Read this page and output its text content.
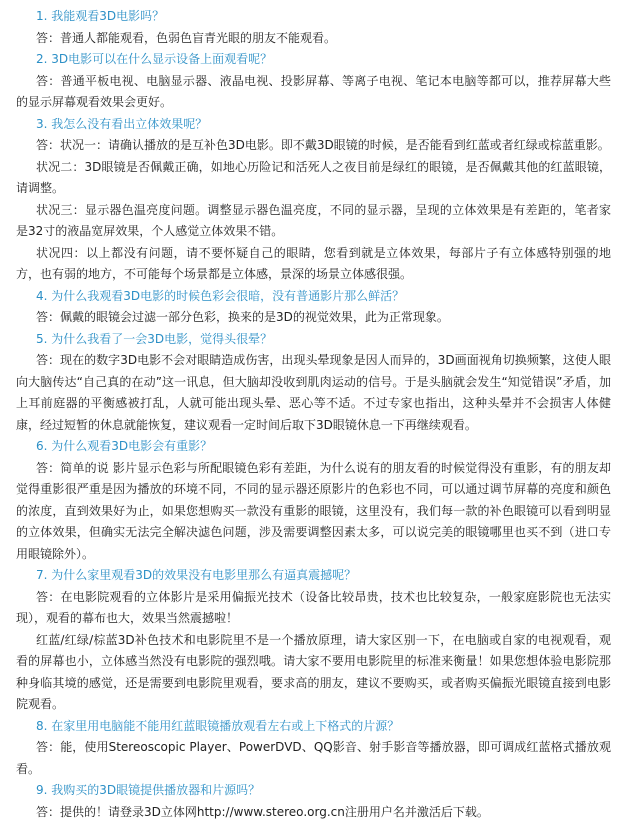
1. 我能观看3D电影吗？

答：普通人都能观看，色弱色盲青光眼的朋友不能观看。

2. 3D电影可以在什么显示设备上面观看呢？

答：普通平板电视、电脑显示器、液晶电视、投影屏幕、等离子电视、笔记本电脑等都可以，推荐屏幕大些的显示屏幕观看效果会更好。

3. 我怎么没有看出立体效果呢？

答：状况一：请确认播放的是互补色3D电影。即不戴3D眼镜的时候，是否能看到红蓝或者红绿或棕蓝重影。

状况二：3D眼镜是否佩戴正确，如地心历险记和活死人之夜目前是绿红的眼镜，是否佩戴其他的红蓝眼镜，请调整。

状况三：显示器色温亮度问题。调整显示器色温亮度，不同的显示器，呈现的立体效果是有差距的，笔者家是32寸的液晶宽屏效果，个人感觉立体效果不错。

状况四：以上都没有问题，请不要怀疑自己的眼睛，您看到就是立体效果，每部片子有立体感特别强的地方，也有弱的地方，不可能每个场景都是立体感，景深的场景立体感很强。

4. 为什么我观看3D电影的时候色彩会很暗，没有普通影片那么鲜活？

答：佩戴的眼镜会过滤一部分色彩，换来的是3D的视觉效果，此为正常现象。

5. 为什么我看了一会3D电影，觉得头很晕？

答：现在的数字3D电影不会对眼睛造成伤害，出现头晕现象是因人而异的，3D画面视角切换频繁，这使人眼向大脑传达“自己真的在动”这一讯息，但大脑却没收到肌肉运动的信号。于是头脑就会发生“知觉错误”矛盾，加上耳前庭器的平衡感被打乱，人就可能出现头晕、恶心等不适。不过专家也指出，这种头晕并不会损害人体健康，经过短暂的休息就能恢复，建议观看一定时间后取下3D眼镜休息一下再继续观看。

6. 为什么观看3D电影会有重影？

答：简单的说 影片显示色彩与所配眼镜色彩有差距，为什么说有的朋友看的时候觉得没有重影，有的朋友却觉得重影很严重是因为播放的环境不同，不同的显示器还原影片的色彩也不同，可以通过调节屏幕的亮度和颜色的浓度，直到效果好为止，如果您想购买一款没有重影的眼镜，这里没有，我们每一款的补色眼镜可以看到明显的立体效果，但确实无法完全解决滤色问题，涉及需要调整因素太多，可以说完美的眼镜哪里也买不到（进口专用眼镜除外）。

7. 为什么家里观看3D的效果没有电影里那么有逼真震撼呢？

答：在电影院观看的立体影片是采用偏振光技术（设备比较昂贵，技术也比较复杂，一般家庭影院也无法实现），观看的幕布也大，效果当然震撼啦！

红蓝/红绿/棕蓝3D补色技术和电影院里不是一个播放原理，请大家区别一下，在电脑或自家的电视观看，观看的屏幕也小，立体感当然没有电影院的强烈哦。请大家不要用电影院里的标准来衡量！如果您想体验电影院那种身临其境的感觉，还是需要到电影院里观看，要求高的朋友，建议不要购买，或者购买偏振光眼镜直接到电影院观看。

8. 在家里用电脑能不能用红蓝眼镜播放观看左右或上下格式的片源？

答：能，使用Stereoscopic Player、PowerDVD、QQ影音、射手影音等播放器，即可调成红蓝格式播放观看。

9. 我购买的3D眼镜提供播放器和片源吗？

答：提供的！请登录3D立体网http://www.stereo.org.cn注册用户名并激活后下载。
